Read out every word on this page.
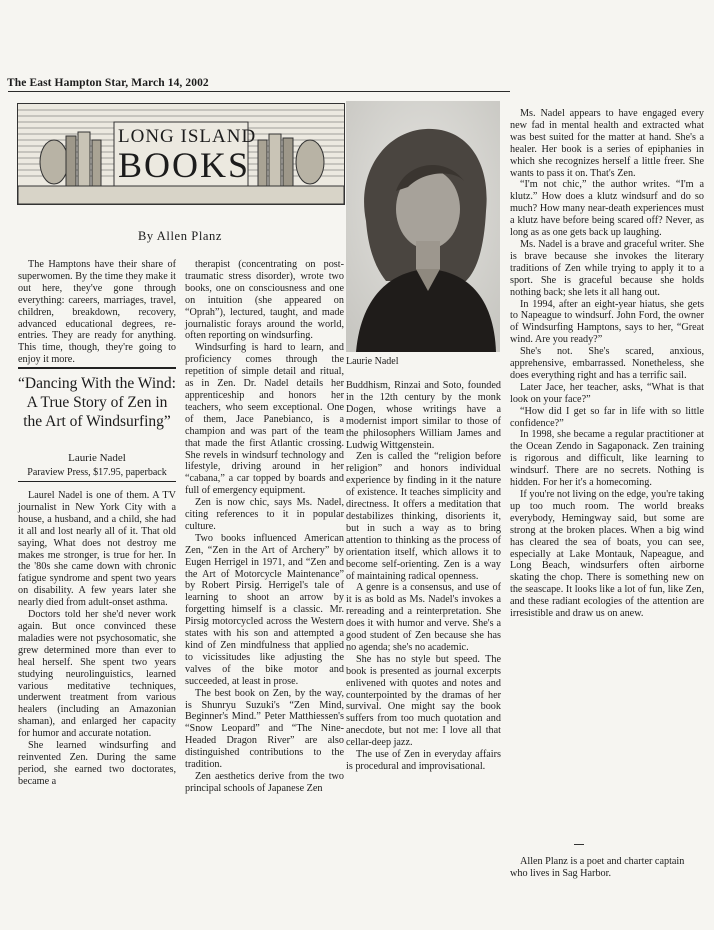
The East Hampton Star, March 14, 2002
LONG ISLAND
BOOKS
By Allen Planz

The Hamptons have their share of superwomen. By the time they make it out here, they've gone through everything: careers, marriages, travel, children, breakdown, recovery, advanced educational degrees, re-entries. They are ready for anything. This time, though, they're going to enjoy it more.

“Dancing With the Wind: A True Story of Zen in the Art of Windsurfing”
Laurie Nadel
Paraview Press, $17.95, paperback

Laurel Nadel is one of them. A TV journalist in New York City with a house, a husband, and a child, she had it all and lost nearly all of it. That old saying, What does not destroy me makes me stronger, is true for her. In the '80s she came down with chronic fatigue syndrome and spent two years on disability. A few years later she nearly died from adult-onset asthma.

Doctors told her she'd never work again. But once convinced these maladies were not psychosomatic, she grew determined more than ever to heal herself. She spent two years studying neurolinguistics, learned various meditative techniques, underwent treatment from various healers (including an Amazonian shaman), and enlarged her capacity for humor and accurate notation.

She learned windsurfing and reinvented Zen. During the same period, she earned two doctorates, became a

therapist (concentrating on post-traumatic stress disorder), wrote two books, one on consciousness and one on intuition (she appeared on “Oprah”), lectured, taught, and made journalistic forays around the world, often reporting on windsurfing.

Windsurfing is hard to learn, and proficiency comes through the repetition of simple detail and ritual, as in Zen. Dr. Nadel details her apprenticeship and honors her teachers, who seem exceptional. One of them, Jace Panebianco, is a champion and was part of the team that made the first Atlantic crossing. She revels in windsurf technology and lifestyle, driving around in her “cabana,” a car topped by boards and full of emergency equipment.

Zen is now chic, says Ms. Nadel, citing references to it in popular culture.

Two books influenced American Zen, “Zen in the Art of Archery” by Eugen Herrigel in 1971, and “Zen and the Art of Motorcycle Maintenance” by Robert Pirsig. Herrigel's tale of learning to shoot an arrow by forgetting himself is a classic. Mr. Pirsig motorcycled across the Western states with his son and attempted a kind of Zen mindfulness that applied to vicissitudes like adjusting the valves of the bike motor and succeeded, at least in prose.

The best book on Zen, by the way, is Shunryu Suzuki's “Zen Mind, Beginner's Mind.” Peter Matthiessen's “Snow Leopard” and “The Nine-Headed Dragon River” are also distinguished contributions to the tradition.

Zen aesthetics derive from the two principal schools of Japanese Zen

Laurie Nadel

Buddhism, Rinzai and Soto, founded in the 12th century by the monk Dogen, whose writings have a modernist import similar to those of the philosophers William James and Ludwig Wittgenstein.

Zen is called the “religion before religion” and honors individual experience by finding in it the nature of existence. It teaches simplicity and directness. It offers a meditation that destabilizes thinking, disorients it, but in such a way as to bring attention to thinking as the process of orientation itself, which allows it to become self-orienting. Zen is a way of maintaining radical openness.

A genre is a consensus, and use of it is as bold as Ms. Nadel's invokes a rereading and a reinterpretation. She does it with humor and verve. She's a good student of Zen because she has no agenda; she's no academic.

She has no style but speed. The book is presented as journal excerpts enlivened with quotes and notes and counterpointed by the dramas of her survival. One might say the book suffers from too much quotation and anecdote, but not me: I love all that cellar-deep jazz.

The use of Zen in everyday affairs is procedural and improvisational.

Ms. Nadel appears to have engaged every new fad in mental health and extracted what was best suited for the matter at hand. She's a healer. Her book is a series of epiphanies in which she recognizes herself a little freer. She wants to pass it on. That's Zen.

“I'm not chic,” the author writes. “I'm a klutz.” How does a klutz windsurf and do so much? How many near-death experiences must a klutz have before being scared off? Never, as long as as one gets back up laughing.

Ms. Nadel is a brave and graceful writer. She is brave because she invokes the literary traditions of Zen while trying to apply it to a sport. She is graceful because she holds nothing back; she lets it all hang out.

In 1994, after an eight-year hiatus, she gets to Napeague to windsurf. John Ford, the owner of Windsurfing Hamptons, says to her, “Great wind. Are you ready?”

She's not. She's scared, anxious, apprehensive, embarrassed. Nonetheless, she does everything right and has a terrific sail.

Later Jace, her teacher, asks, “What is that look on your face?”

“How did I get so far in life with so little confidence?”

In 1998, she became a regular practitioner at the Ocean Zendo in Sagaponack. Zen training is rigorous and difficult, like learning to windsurf. There are no secrets. Nothing is hidden. For her it's a homecoming.

If you're not living on the edge, you're taking up too much room. The world breaks everybody, Hemingway said, but some are strong at the broken places. When a big wind has cleared the sea of boats, you can see, especially at Lake Montauk, Napeague, and Long Beach, windsurfers often airborne skating the chop. There is something new on the seascape. It looks like a lot of fun, like Zen, and these radiant ecologies of the attention are irresistible and draw us on anew.

Allen Planz is a poet and charter captain who lives in Sag Harbor.
